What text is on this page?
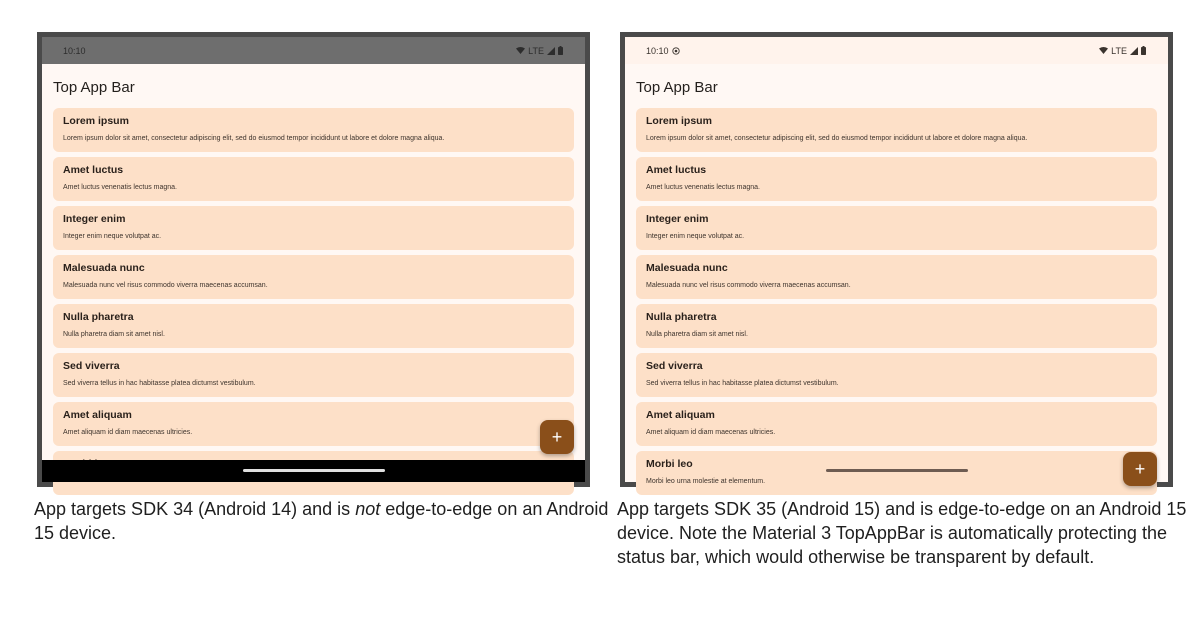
10:10	LTE
Top App Bar
Lorem ipsum
Lorem ipsum dolor sit amet, consectetur adipiscing elit, sed do eiusmod tempor incididunt ut labore et dolore magna aliqua.
Amet luctus
Amet luctus venenatis lectus magna.
Integer enim
Integer enim neque volutpat ac.
Malesuada nunc
Malesuada nunc vel risus commodo viverra maecenas accumsan.
Nulla pharetra
Nulla pharetra diam sit amet nisl.
Sed viverra
Sed viverra tellus in hac habitasse platea dictumst vestibulum.
Amet aliquam
Amet aliquam id diam maecenas ultricies.	+
10:10	LTE
Top App Bar
Lorem ipsum
Lorem ipsum dolor sit amet, consectetur adipiscing elit, sed do eiusmod tempor incididunt ut labore et dolore magna aliqua.
Amet luctus
Amet luctus venenatis lectus magna.
Integer enim
Integer enim neque volutpat ac.
Malesuada nunc
Malesuada nunc vel risus commodo viverra maecenas accumsan.
Nulla pharetra
Nulla pharetra diam sit amet nisl.
Sed viverra
Sed viverra tellus in hac habitasse platea dictumst vestibulum.
Amet aliquam
Amet aliquam id diam maecenas ultricies.
Morbi leo
Morbi leo urna molestie at elementum.
+
App targets SDK 34 (Android 14) and is not edge-to-edge on an Android 15 device.
App targets SDK 35 (Android 15) and is edge-to-edge on an Android 15 device. Note the Material 3 TopAppBar is automatically protecting the status bar, which would otherwise be transparent by default.
